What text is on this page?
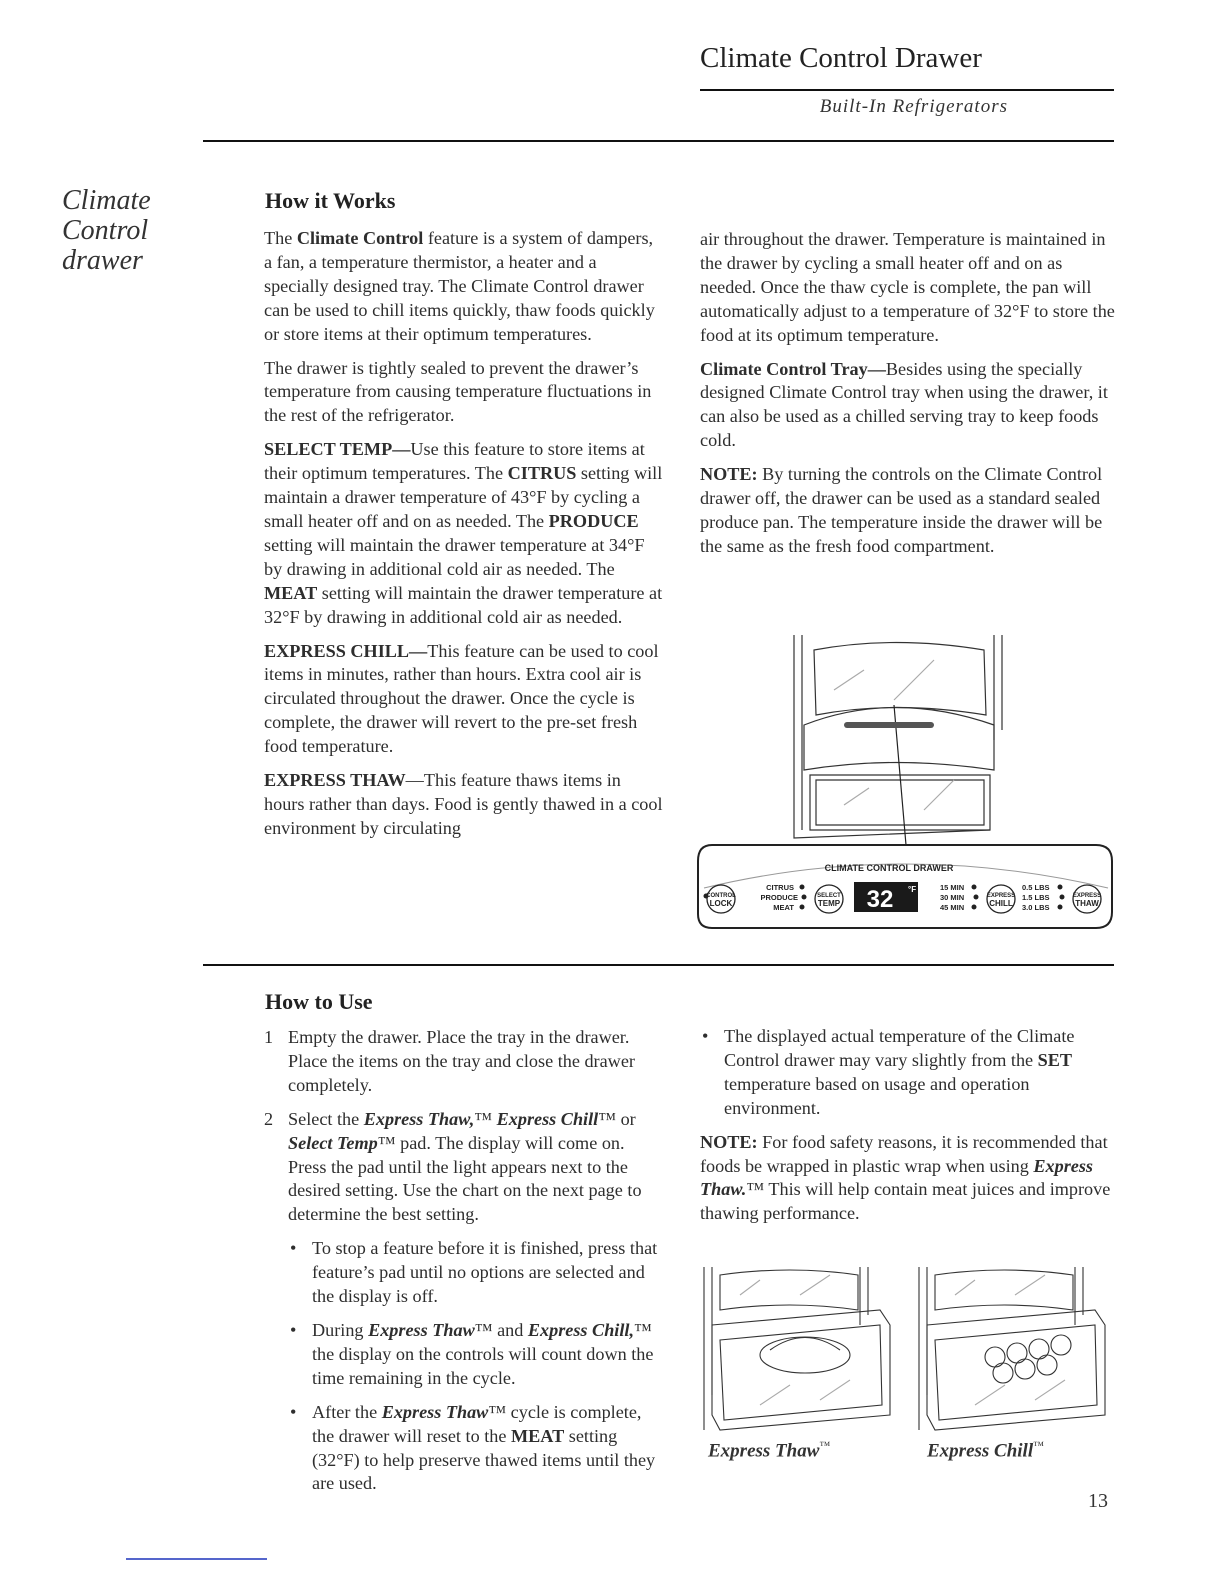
Climate Control Drawer
Built-In Refrigerators
Climate
Control
drawer
How it Works

The Climate Control feature is a system of dampers, a fan, a temperature thermistor, a heater and a specially designed tray. The Climate Control drawer can be used to chill items quickly, thaw foods quickly or store items at their optimum temperatures.

The drawer is tightly sealed to prevent the drawer’s temperature from causing temperature fluctuations in the rest of the refrigerator.

SELECT TEMP—Use this feature to store items at their optimum temperatures. The CITRUS setting will maintain a drawer temperature of 43°F by cycling a small heater off and on as needed. The PRODUCE setting will maintain the drawer temperature at 34°F by drawing in additional cold air as needed. The MEAT setting will maintain the drawer temperature at 32°F by drawing in additional cold air as needed.

EXPRESS CHILL—This feature can be used to cool items in minutes, rather than hours. Extra cool air is circulated throughout the drawer. Once the cycle is complete, the drawer will revert to the pre-set fresh food temperature.

EXPRESS THAW—This feature thaws items in hours rather than days. Food is gently thawed in a cool environment by circulating

air throughout the drawer. Temperature is maintained in the drawer by cycling a small heater off and on as needed. Once the thaw cycle is complete, the pan will automatically adjust to a temperature of 32°F to store the food at its optimum temperature.

Climate Control Tray—Besides using the specially designed Climate Control tray when using the drawer, it can also be used as a chilled serving tray to keep foods cold.

NOTE: By turning the controls on the Climate Control drawer off, the drawer can be used as a standard sealed produce pan. The temperature inside the drawer will be the same as the fresh food compartment.

CLIMATE CONTROL DRAWER
CONTROL
LOCK
CITRUS
PRODUCE
MEAT
SELECT
TEMP 32 °F	15 MIN
30 MIN
45 MIN
EXPRESS
CHILL
0.5 LBS
1.5 LBS
3.0 LBS
EXPRESS
THAW
How to Use
1 Empty the drawer. Place the tray in the drawer. Place the items on the tray and close the drawer completely.
2 Select the Express Thaw,™ Express Chill™ or Select Temp™ pad. The display will come on. Press the pad until the light appears next to the desired setting. Use the chart on the next page to determine the best setting.
• To stop a feature before it is finished, press that feature’s pad until no options are selected and the display is off.
• During Express Thaw™ and Express Chill,™ the display on the controls will count down the time remaining in the cycle.
• After the Express Thaw™ cycle is complete, the drawer will reset to the MEAT setting (32°F) to help preserve thawed items until they are used.
• The displayed actual temperature of the Climate Control drawer may vary slightly from the SET temperature based on usage and operation environment.

NOTE: For food safety reasons, it is recommended that foods be wrapped in plastic wrap when using Express Thaw.™ This will help contain meat juices and improve thawing performance.

Express Thaw™	Express Chill™
13
